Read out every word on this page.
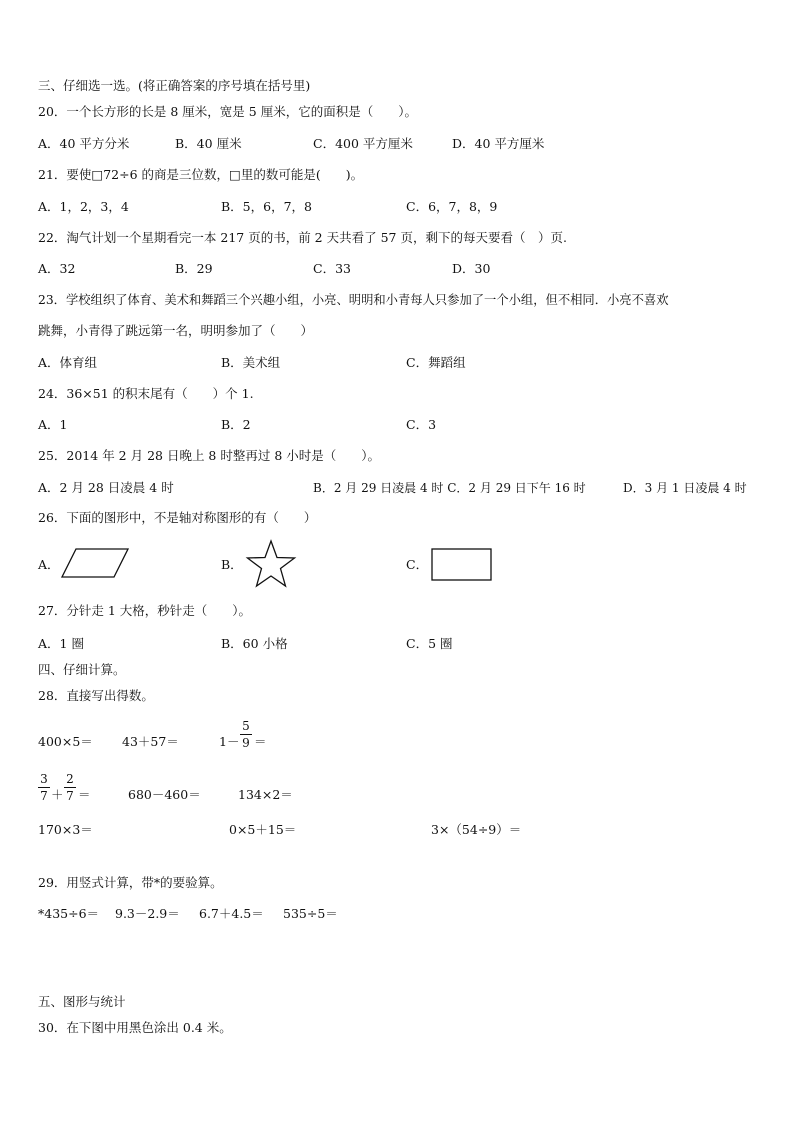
三、仔细选一选。(将正确答案的序号填在括号里)
20．一个长方形的长是 8 厘米，宽是 5 厘米，它的面积是（　　）。
A．40 平方分米	B．40 厘米	C．400 平方厘米	D．40 平方厘米
21．要使□72÷6 的商是三位数，□里的数可能是(　　)。
A．1，2，3，4	B．5，6，7，8	C．6，7，8，9
22．淘气计划一个星期看完一本 217 页的书，前 2 天共看了 57 页，剩下的每天要看（　）页.
A．32	B．29	C．33	D．30
23．学校组织了体育、美术和舞蹈三个兴趣小组，小亮、明明和小青每人只参加了一个小组，但不相同．小亮不喜欢
跳舞，小青得了跳远第一名，明明参加了（　　）
A．体育组	B．美术组	C．舞蹈组
24．36×51 的积末尾有（　　）个 1.
A．1	B．2	C．3
25．2014 年 2 月 28 日晚上 8 时整再过 8 小时是（　　）。
A．2 月 28 日凌晨 4 时	B．2 月 29 日凌晨 4 时 C．2 月 29 日下午 16 时	D．3 月 1 日凌晨 4 时
26．下面的图形中，不是轴对称图形的有（　　）
A．	B．	C．
27．分针走 1 大格，秒针走（　　）。
A．1 圈	B．60 小格	C．5 圈
四、仔细计算。
28．直接写出得数。
400×5＝ 43＋57＝	1－
5
9 ＝
3
7 ＋
2
7 ＝	680－460＝	134×2＝
170×3＝	0×5＋15＝	3×（54÷9）＝
29．用竖式计算，带*的要验算。
*435÷6＝ 9.3－2.9＝ 6.7＋4.5＝ 535÷5＝
五、图形与统计
30．在下图中用黑色涂出 0.4 米。
